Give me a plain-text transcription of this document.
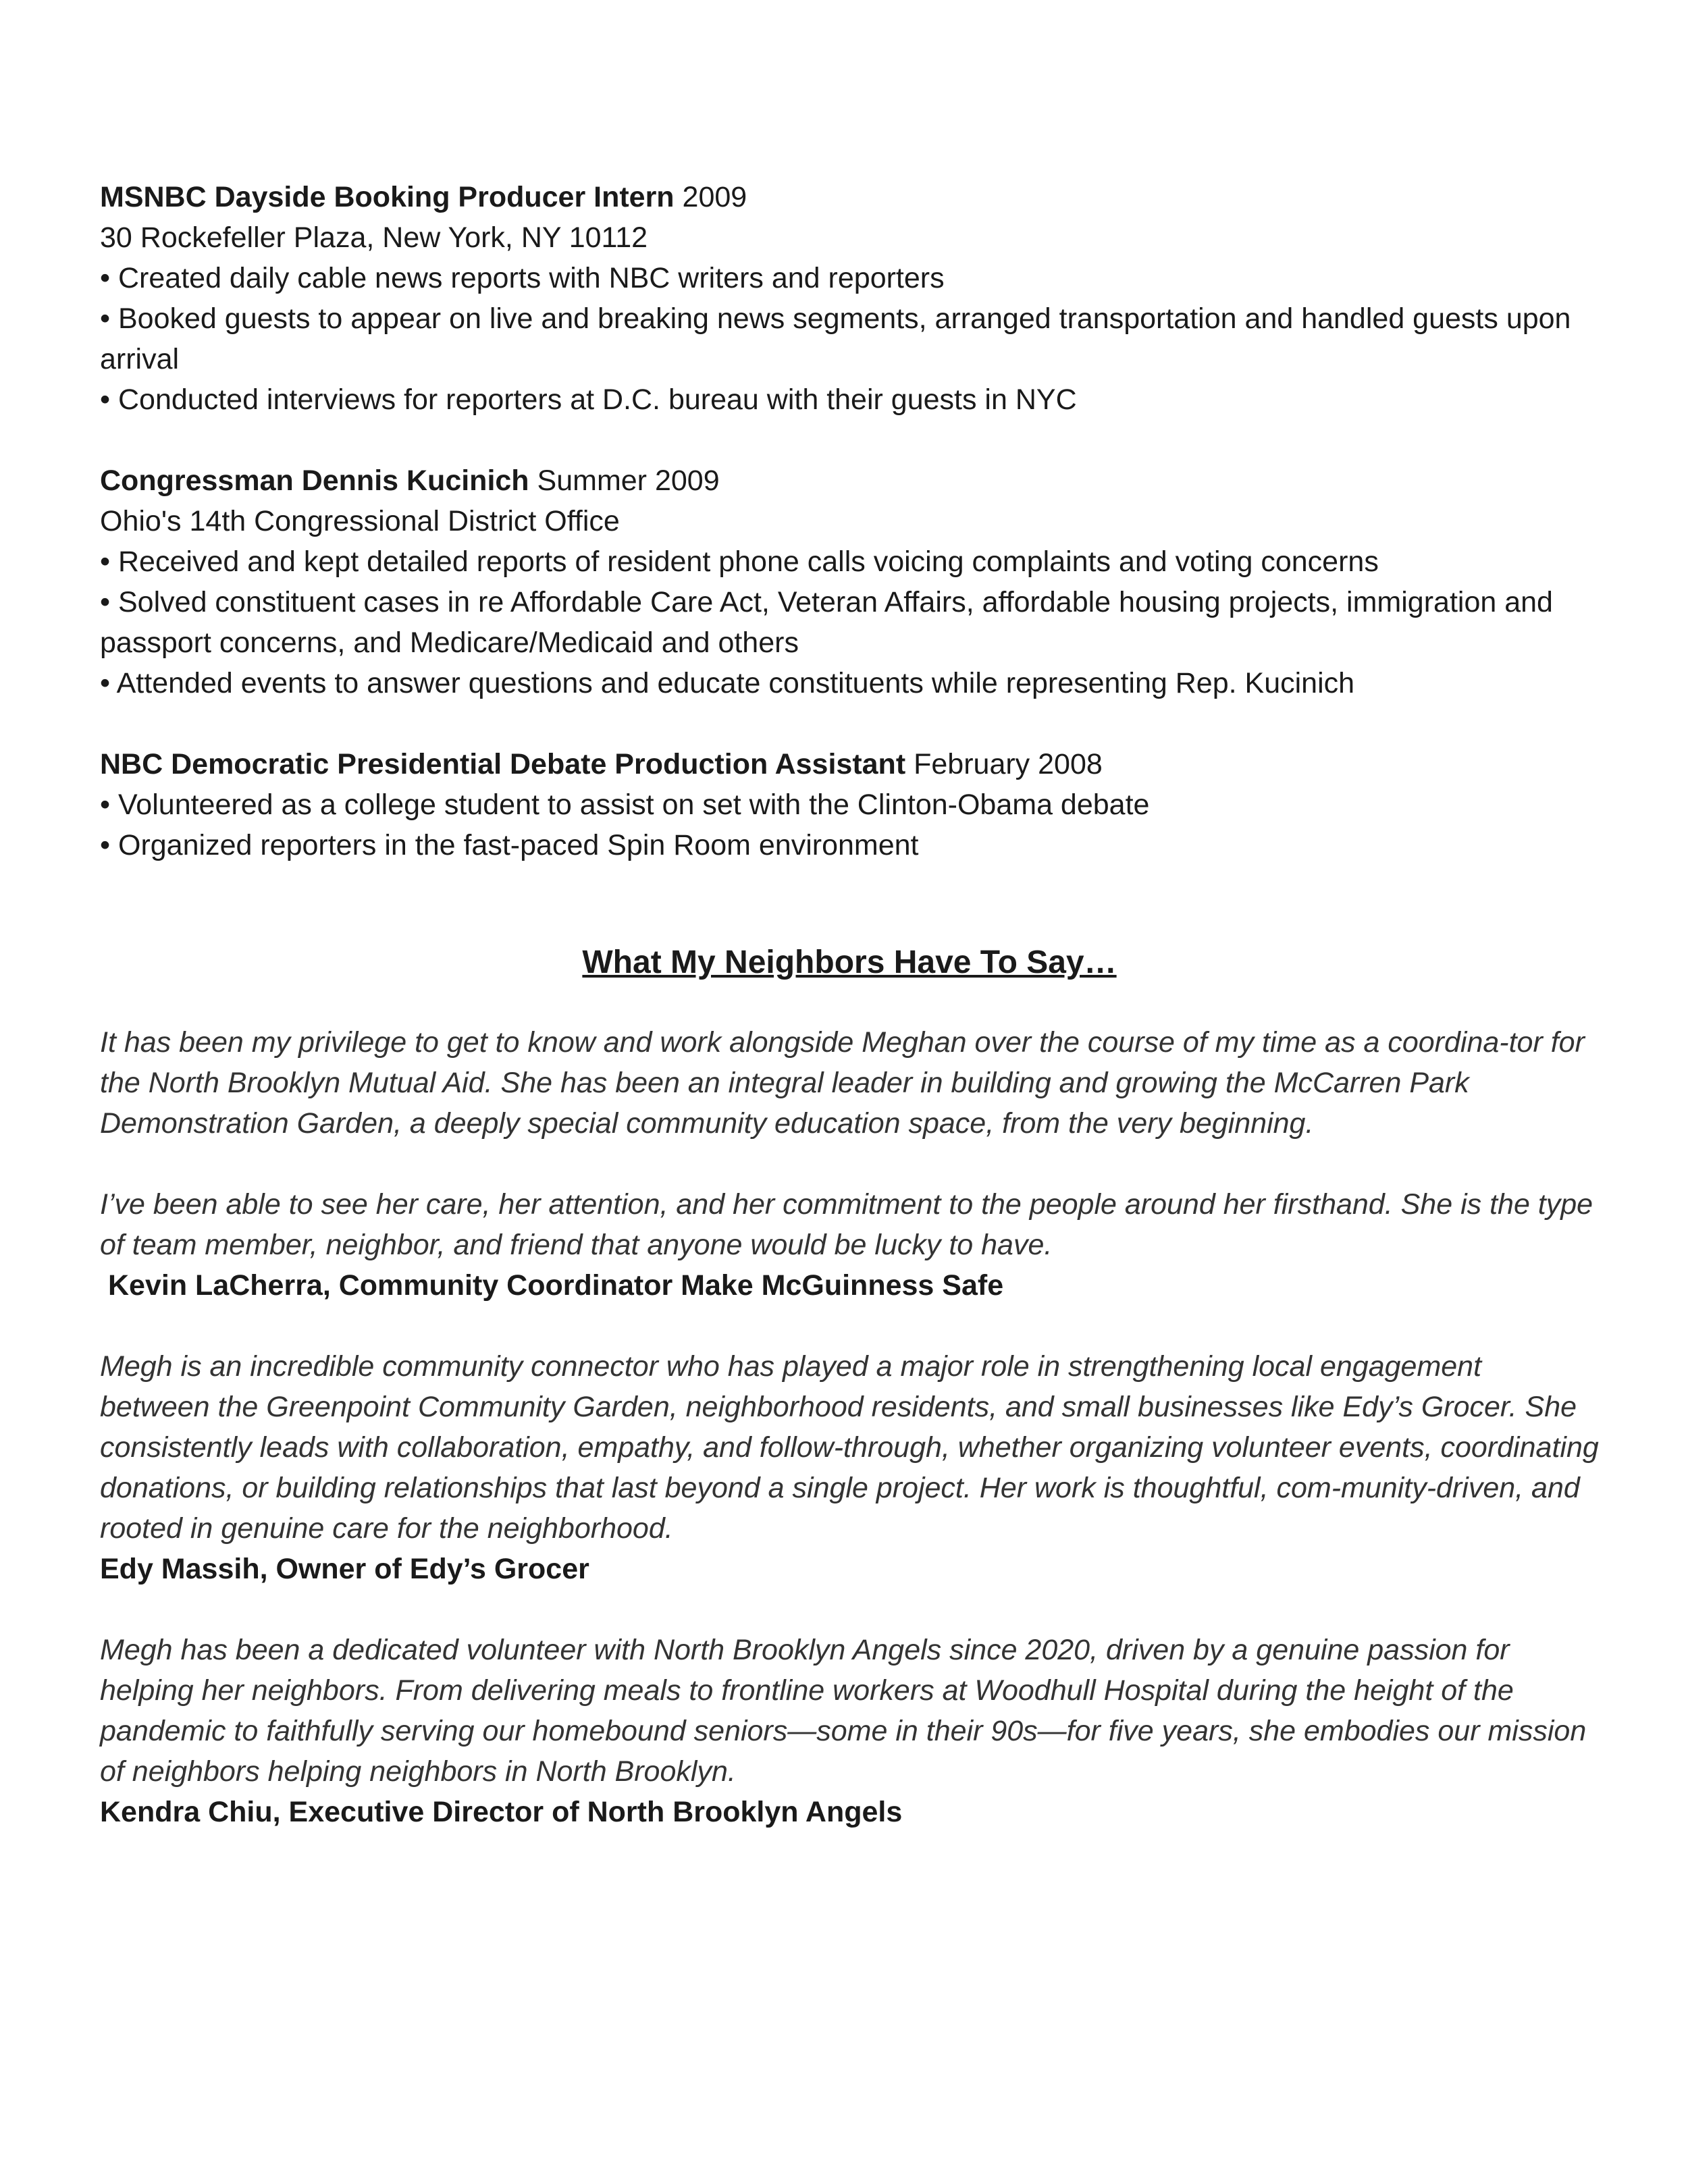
MSNBC Dayside Booking Producer Intern 2009

30 Rockefeller Plaza, New York, NY 10112

• Created daily cable news reports with NBC writers and reporters

• Booked guests to appear on live and breaking news segments, arranged transportation and handled guests upon arrival

• Conducted interviews for reporters at D.C. bureau with their guests in NYC

Congressman Dennis Kucinich Summer 2009

Ohio's 14th Congressional District Office

• Received and kept detailed reports of resident phone calls voicing complaints and voting concerns

• Solved constituent cases in re Affordable Care Act, Veteran Affairs, affordable housing projects, immigration and passport concerns, and Medicare/Medicaid and others

• Attended events to answer questions and educate constituents while representing Rep. Kucinich

NBC Democratic Presidential Debate Production Assistant February 2008

• Volunteered as a college student to assist on set with the Clinton-Obama debate

• Organized reporters in the fast-paced Spin Room environment

What My Neighbors Have To Say…

It has been my privilege to get to know and work alongside Meghan over the course of my time as a coordina-tor for the North Brooklyn Mutual Aid. She has been an integral leader in building and growing the McCarren Park Demonstration Garden, a deeply special community education space, from the very beginning.

I’ve been able to see her care, her attention, and her commitment to the people around her firsthand. She is the type of team member, neighbor, and friend that anyone would be lucky to have.

Kevin LaCherra, Community Coordinator Make McGuinness Safe

Megh is an incredible community connector who has played a major role in strengthening local engagement between the Greenpoint Community Garden, neighborhood residents, and small businesses like Edy’s Grocer. She consistently leads with collaboration, empathy, and follow-through, whether organizing volunteer events, coordinating donations, or building relationships that last beyond a single project. Her work is thoughtful, com-munity-driven, and rooted in genuine care for the neighborhood.

Edy Massih, Owner of Edy’s Grocer

Megh has been a dedicated volunteer with North Brooklyn Angels since 2020, driven by a genuine passion for helping her neighbors. From delivering meals to frontline workers at Woodhull Hospital during the height of the pandemic to faithfully serving our homebound seniors—some in their 90s—for five years, she embodies our mission of neighbors helping neighbors in North Brooklyn.

Kendra Chiu, Executive Director of North Brooklyn Angels
